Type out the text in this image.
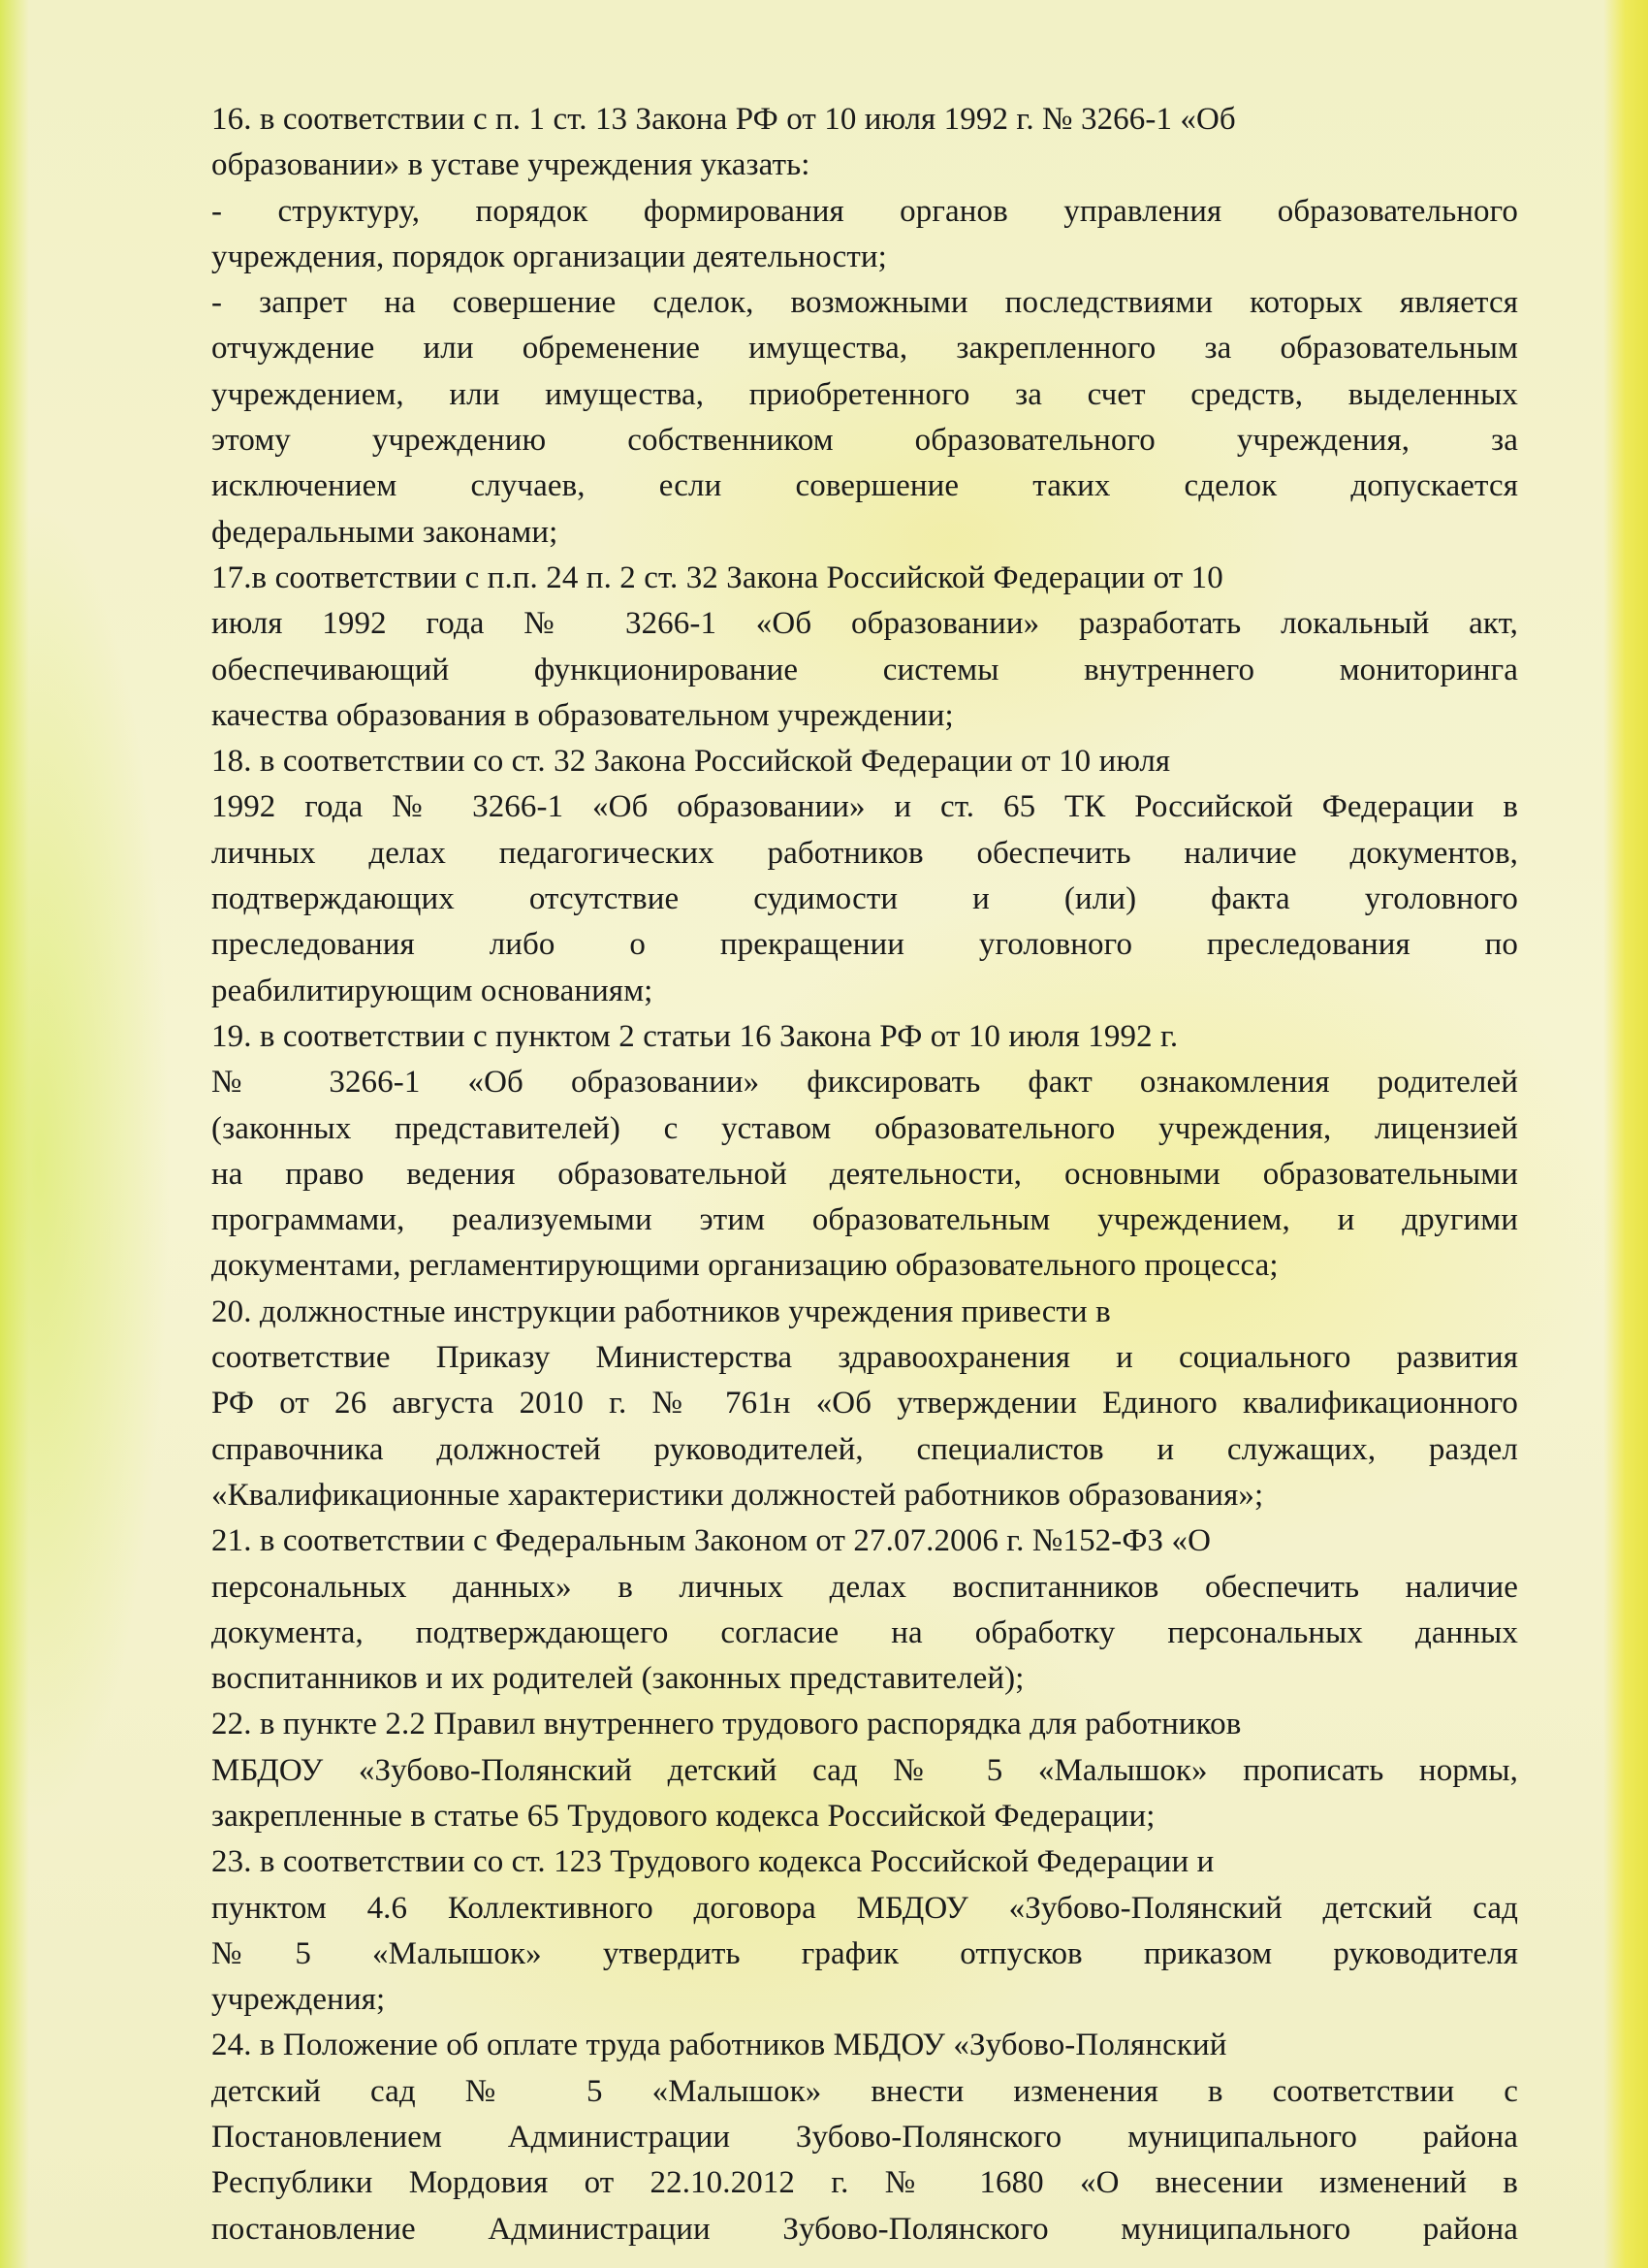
16. в соответствии с п. 1 ст. 13 Закона РФ от 10 июля 1992 г. № 3266-1 «Об
образовании» в уставе учреждения указать:
- структуру, порядок формирования органов управления образовательного
учреждения, порядок организации деятельности;
- запрет на совершение сделок, возможными последствиями которых является
отчуждение или обременение имущества, закрепленного за образовательным
учреждением, или имущества, приобретенного за счет средств, выделенных
этому учреждению собственником образовательного учреждения, за
исключением случаев, если совершение таких сделок допускается
федеральными законами;
17.в соответствии с п.п. 24 п. 2 ст. 32 Закона Российской Федерации от 10
июля 1992 года № 3266-1 «Об образовании» разработать локальный акт,
обеспечивающий функционирование системы внутреннего мониторинга
качества образования в образовательном учреждении;
18. в соответствии со ст. 32 Закона Российской Федерации от 10 июля
1992 года № 3266-1 «Об образовании» и ст. 65 ТК Российской Федерации в
личных делах педагогических работников обеспечить наличие документов,
подтверждающих отсутствие судимости и (или) факта уголовного
преследования либо о прекращении уголовного преследования по
реабилитирующим основаниям;
19. в соответствии с пунктом 2 статьи 16 Закона РФ от 10 июля 1992 г.
№ 3266-1 «Об образовании» фиксировать факт ознакомления родителей
(законных представителей) с уставом образовательного учреждения, лицензией
на право ведения образовательной деятельности, основными образовательными
программами, реализуемыми этим образовательным учреждением, и другими
документами, регламентирующими организацию образовательного процесса;
20. должностные инструкции работников учреждения привести в
соответствие Приказу Министерства здравоохранения и социального развития
РФ от 26 августа 2010 г. № 761н «Об утверждении Единого квалификационного
справочника должностей руководителей, специалистов и служащих, раздел
«Квалификационные характеристики должностей работников образования»;
21. в соответствии с Федеральным Законом от 27.07.2006 г. №152-ФЗ «О
персональных данных» в личных делах воспитанников обеспечить наличие
документа, подтверждающего согласие на обработку персональных данных
воспитанников и их родителей (законных представителей);
22. в пункте 2.2 Правил внутреннего трудового распорядка для работников
МБДОУ «Зубово-Полянский детский сад № 5 «Малышок» прописать нормы,
закрепленные в статье 65 Трудового кодекса Российской Федерации;
23. в соответствии со ст. 123 Трудового кодекса Российской Федерации и
пунктом 4.6 Коллективного договора МБДОУ «Зубово-Полянский детский сад
№5 «Малышок» утвердить график отпусков приказом руководителя
учреждения;
24. в Положение об оплате труда работников МБДОУ «Зубово-Полянский
детский сад № 5 «Малышок» внести изменения в соответствии с
Постановлением Администрации Зубово-Полянского муниципального района
Республики Мордовия от 22.10.2012 г. № 1680 «О внесении изменений в
постановление Администрации Зубово-Полянского муниципального района
